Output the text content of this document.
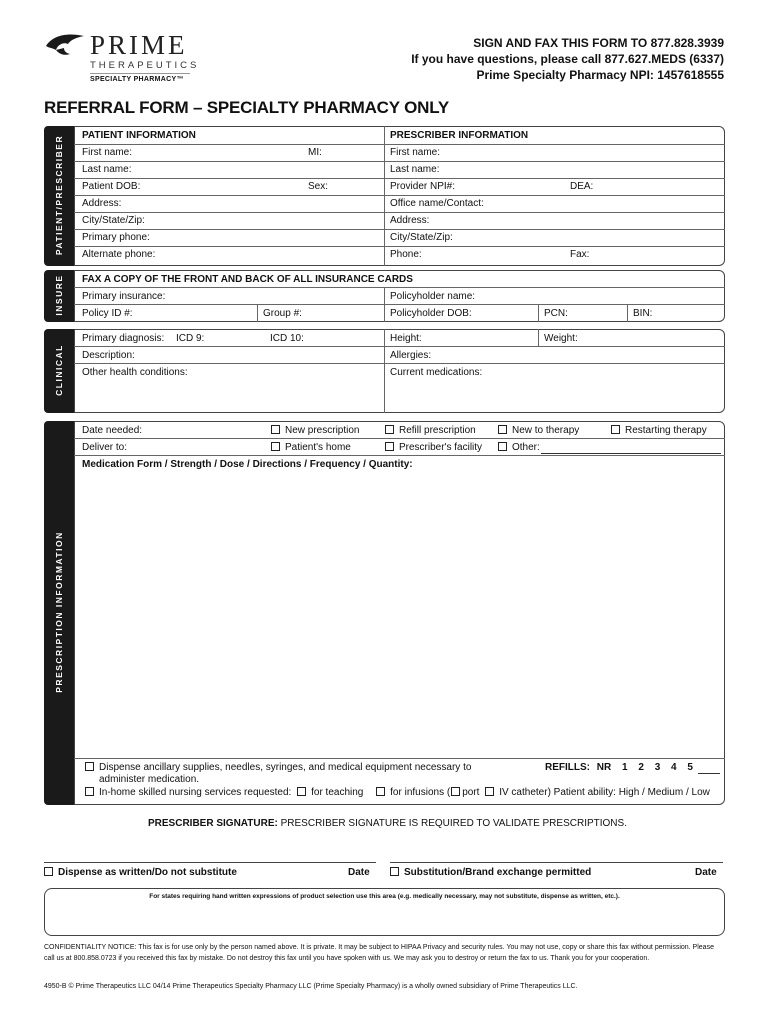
PRIME
THERAPEUTICS
SPECIALTY PHARMACY™
SIGN AND FAX THIS FORM TO 877.828.3939
If you have questions, please call 877.627.MEDS (6337)
Prime Specialty Pharmacy NPI: 1457618555
REFERRAL FORM – SPECIALTY PHARMACY ONLY
PATIENT/PRESCRIBER
INSURE
CLINICAL
PRESCRIPTION INFORMATION
PATIENT INFORMATION	PRESCRIBER INFORMATION
First name:	MI:
Last name:
Patient DOB:	Sex:
Address:
City/State/Zip:
Primary phone:
Alternate phone:
First name:
Last name:
Provider NPI#:	DEA:
Office name/Contact:
Address:
City/State/Zip:
Phone:	Fax:
FAX A COPY OF THE FRONT AND BACK OF ALL INSURANCE CARDS
Primary insurance:	Policyholder name:
Policy ID #:	Group #:	Policyholder DOB:	PCN:	BIN:
Primary diagnosis: ICD 9:	ICD 10:	Height:	Weight:
Description:	Allergies:
Other health conditions:	Current medications:
Date needed:	New prescription	Refill prescription	New to therapy	Restarting therapy
Deliver to:	Patient's home	Prescriber's facility	Other:
Medication Form / Strength / Dose / Directions / Frequency / Quantity:
Dispense ancillary supplies, needles, syringes, and medical equipment necessary to
administer medication.
REFILLS: NR 1 2 3 4 5
In-home skilled nursing services requested: for teaching	for infusions ( port IV catheter) Patient ability: High / Medium / Low
PRESCRIBER SIGNATURE: PRESCRIBER SIGNATURE IS REQUIRED TO VALIDATE PRESCRIPTIONS.
Dispense as written/Do not substitute	Date	Substitution/Brand exchange permitted	Date
For states requiring hand written expressions of product selection use this area (e.g. medically necessary, may not substitute, dispense as written, etc.).
CONFIDENTIALITY NOTICE: This fax is for use only by the person named above. It is private. It may be subject to HIPAA Privacy and security rules. You may not use, copy or share this fax without permission. Please call us at 800.858.0723 if you received this fax by mistake. Do not destroy this fax until you have spoken with us. We may ask you to destroy or return the fax to us. Thank you for your cooperation.
4950-B © Prime Therapeutics LLC 04/14 Prime Therapeutics Specialty Pharmacy LLC (Prime Specialty Pharmacy) is a wholly owned subsidiary of Prime Therapeutics LLC.
